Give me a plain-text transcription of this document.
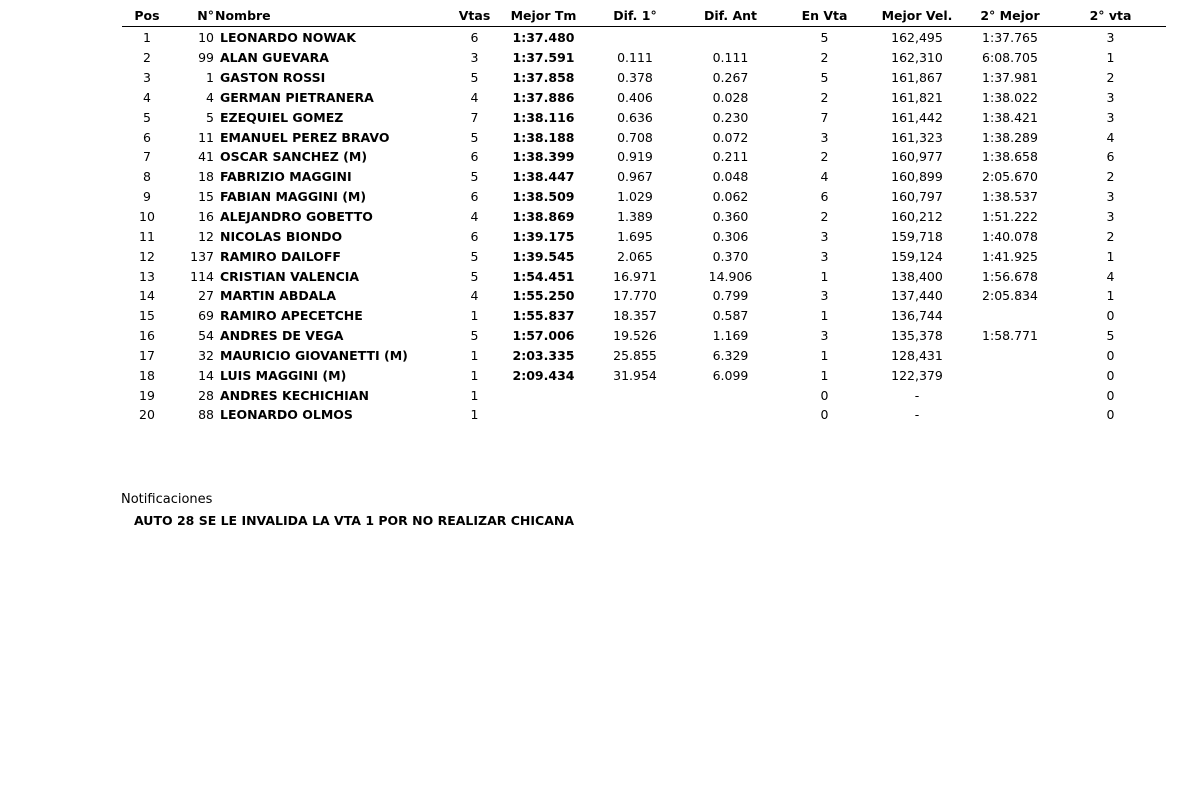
Pos	N°	Nombre	Vtas	Mejor Tm	Dif. 1°	Dif. Ant	En Vta	Mejor Vel.	2° Mejor	2° vta
1	10	LEONARDO NOWAK	6	1:37.480			5	162,495	1:37.765	3
2	99	ALAN GUEVARA	3	1:37.591	0.111	0.111	2	162,310	6:08.705	1
3	1	GASTON ROSSI	5	1:37.858	0.378	0.267	5	161,867	1:37.981	2
4	4	GERMAN PIETRANERA	4	1:37.886	0.406	0.028	2	161,821	1:38.022	3
5	5	EZEQUIEL GOMEZ	7	1:38.116	0.636	0.230	7	161,442	1:38.421	3
6	11	EMANUEL PEREZ BRAVO	5	1:38.188	0.708	0.072	3	161,323	1:38.289	4
7	41	OSCAR SANCHEZ (M)	6	1:38.399	0.919	0.211	2	160,977	1:38.658	6
8	18	FABRIZIO MAGGINI	5	1:38.447	0.967	0.048	4	160,899	2:05.670	2
9	15	FABIAN MAGGINI (M)	6	1:38.509	1.029	0.062	6	160,797	1:38.537	3
10	16	ALEJANDRO GOBETTO	4	1:38.869	1.389	0.360	2	160,212	1:51.222	3
11	12	NICOLAS BIONDO	6	1:39.175	1.695	0.306	3	159,718	1:40.078	2
12	137	RAMIRO DAILOFF	5	1:39.545	2.065	0.370	3	159,124	1:41.925	1
13	114	CRISTIAN VALENCIA	5	1:54.451	16.971	14.906	1	138,400	1:56.678	4
14	27	MARTIN ABDALA	4	1:55.250	17.770	0.799	3	137,440	2:05.834	1
15	69	RAMIRO APECETCHE	1	1:55.837	18.357	0.587	1	136,744		0
16	54	ANDRES DE VEGA	5	1:57.006	19.526	1.169	3	135,378	1:58.771	5
17	32	MAURICIO GIOVANETTI (M)	1	2:03.335	25.855	6.329	1	128,431		0
18	14	LUIS MAGGINI (M)	1	2:09.434	31.954	6.099	1	122,379		0
19	28	ANDRES KECHICHIAN	1				0	-		0
20	88	LEONARDO OLMOS	1				0	-		0
Notificaciones
AUTO 28 SE LE INVALIDA LA VTA 1 POR NO REALIZAR CHICANA
